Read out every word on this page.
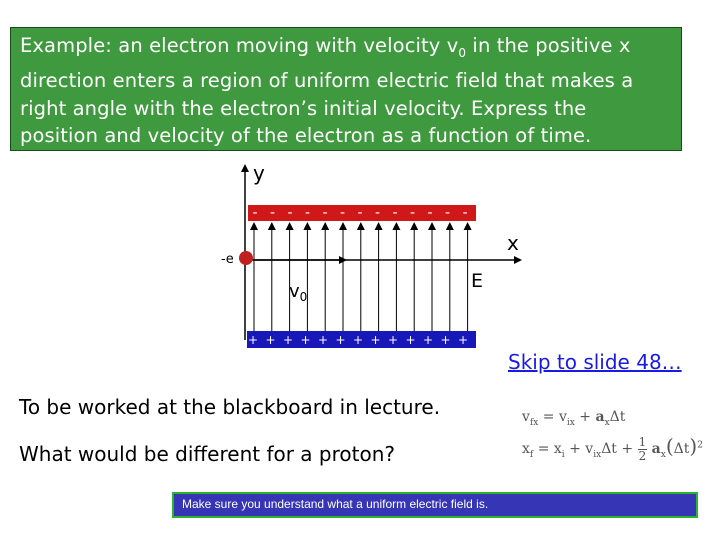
Example: an electron moving with velocity $v_0$ in the positive x
direction enters a region of uniform electric field that makes a
right angle with the electron’s initial velocity. Express the
position and velocity of the electron as a function of time.
y
x
- - - - - - - - - - - - -
+ + + + + + + + + + + + +
-e
$v_0$
E
To be worked at the blackboard in lecture.
What would be different for a proton?
Skip to slide 48…
$v_{fx} = v_{ix} + a_x\Delta t$
$x_f = x_i + v_{ix}\Delta t + \frac{1}{2} a_x(\Delta t)^2$
Make sure you understand what a uniform electric field is.
